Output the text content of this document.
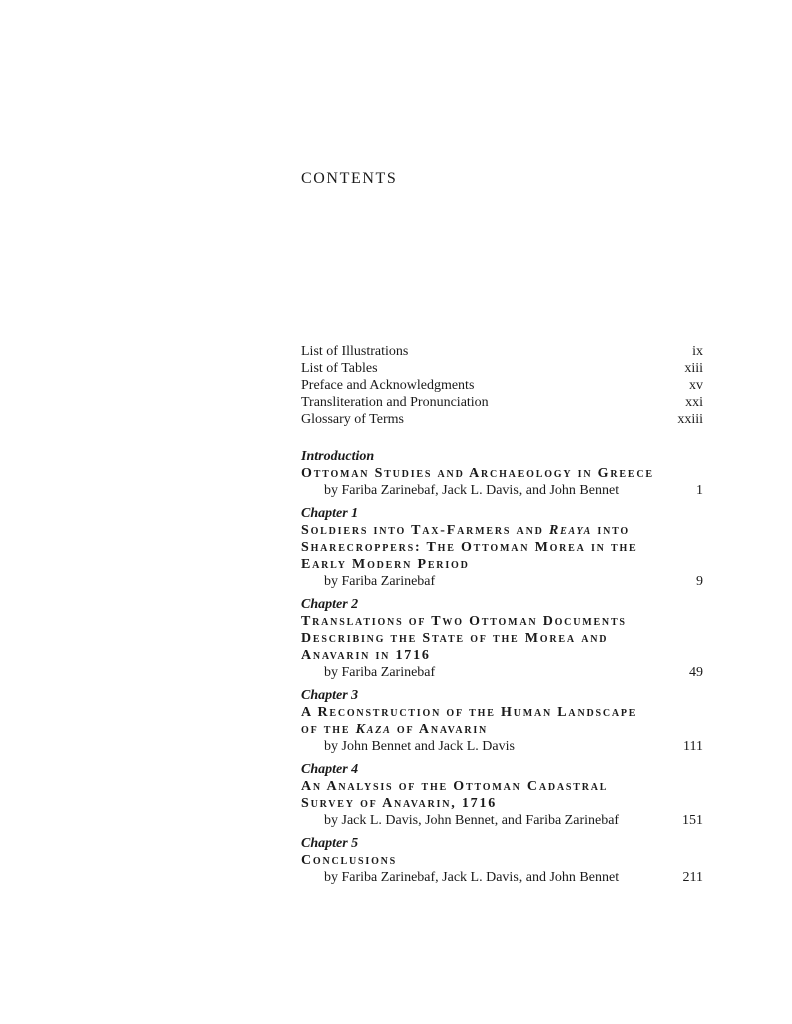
CONTENTS
List of Illustrations	ix
List of Tables	xiii
Preface and Acknowledgments	xv
Transliteration and Pronunciation	xxi
Glossary of Terms	xxiii
Introduction
Ottoman Studies and Archaeology in Greece
by Fariba Zarinebaf, Jack L. Davis, and John Bennet	1
Chapter 1
Soldiers into Tax-Farmers and Reaya into
Sharecroppers: The Ottoman Morea in the
Early Modern Period
by Fariba Zarinebaf	9
Chapter 2
Translations of Two Ottoman Documents
Describing the State of the Morea and
Anavarin in 1716
by Fariba Zarinebaf	49
Chapter 3
A Reconstruction of the Human Landscape
of the Kaza of Anavarin
by John Bennet and Jack L. Davis	111
Chapter 4
An Analysis of the Ottoman Cadastral
Survey of Anavarin, 1716
by Jack L. Davis, John Bennet, and Fariba Zarinebaf	151
Chapter 5
Conclusions
by Fariba Zarinebaf, Jack L. Davis, and John Bennet	211
